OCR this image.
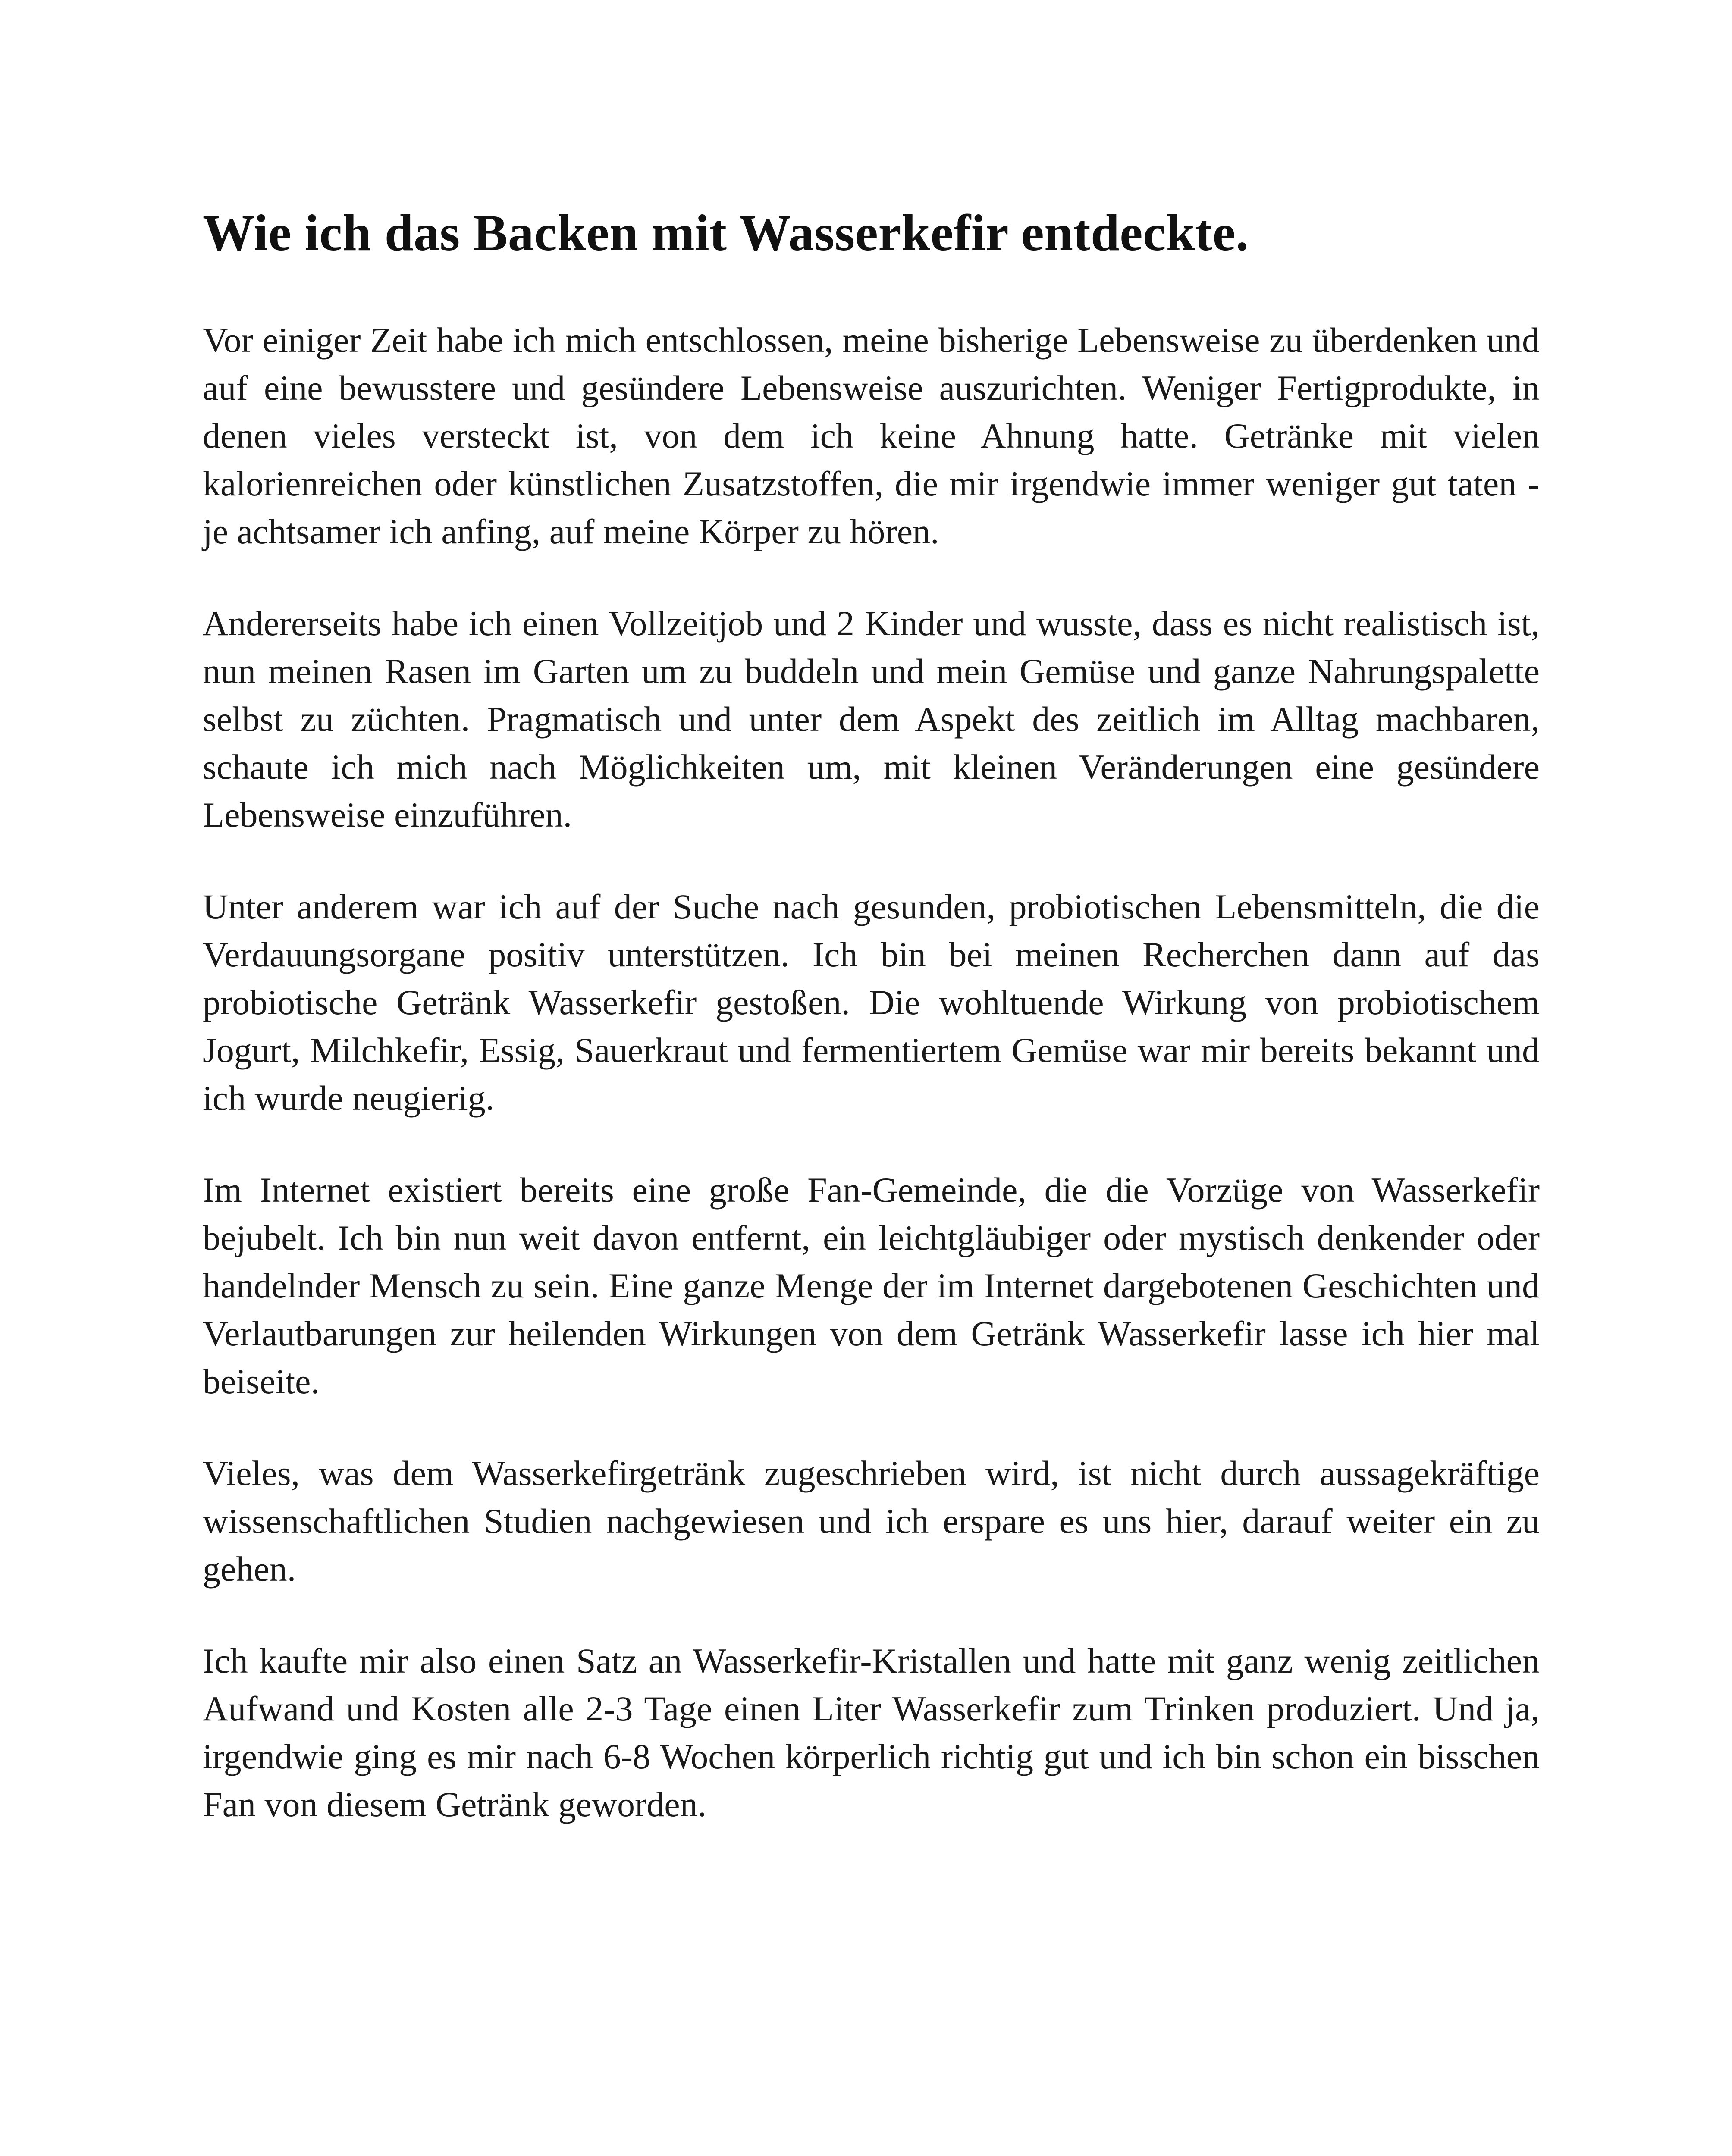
Wie ich das Backen mit Wasserkefir entdeckte.

Vor einiger Zeit habe ich mich entschlossen, meine bisherige Lebensweise zu überdenken und auf eine bewusstere und gesündere Lebensweise auszurichten. Weniger Fertigprodukte, in denen vieles versteckt ist, von dem ich keine Ahnung hatte. Getränke mit vielen kalorienreichen oder künstlichen Zusatzstoffen, die mir irgendwie immer weniger gut taten - je achtsamer ich anfing, auf meine Körper zu hören.

Andererseits habe ich einen Vollzeitjob und 2 Kinder und wusste, dass es nicht realistisch ist, nun meinen Rasen im Garten um zu buddeln und mein Gemüse und ganze Nahrungspalette selbst zu züchten. Pragmatisch und unter dem Aspekt des zeitlich im Alltag machbaren, schaute ich mich nach Möglichkeiten um, mit kleinen Veränderungen eine gesündere Lebensweise einzuführen.

Unter anderem war ich auf der Suche nach gesunden, probiotischen Lebensmitteln, die die Verdauungsorgane positiv unterstützen. Ich bin bei meinen Recherchen dann auf das probiotische Getränk Wasserkefir gestoßen. Die wohltuende Wirkung von probiotischem Jogurt, Milchkefir, Essig, Sauerkraut und fermentiertem Gemüse war mir bereits bekannt und ich wurde neugierig.

Im Internet existiert bereits eine große Fan-Gemeinde, die die Vorzüge von Wasserkefir bejubelt. Ich bin nun weit davon entfernt, ein leichtgläubiger oder mystisch denkender oder handelnder Mensch zu sein. Eine ganze Menge der im Internet dargebotenen Geschichten und Verlautbarungen zur heilenden Wirkungen von dem Getränk Wasserkefir lasse ich hier mal beiseite.

Vieles, was dem Wasserkefirgetränk zugeschrieben wird, ist nicht durch aussagekräftige wissenschaftlichen Studien nachgewiesen und ich erspare es uns hier, darauf weiter ein zu gehen.

Ich kaufte mir also einen Satz an Wasserkefir-Kristallen und hatte mit ganz wenig zeitlichen Aufwand und Kosten alle 2-3 Tage einen Liter Wasserkefir zum Trinken produziert. Und ja, irgendwie ging es mir nach 6-8 Wochen körperlich richtig gut und ich bin schon ein bisschen Fan von diesem Getränk geworden.
